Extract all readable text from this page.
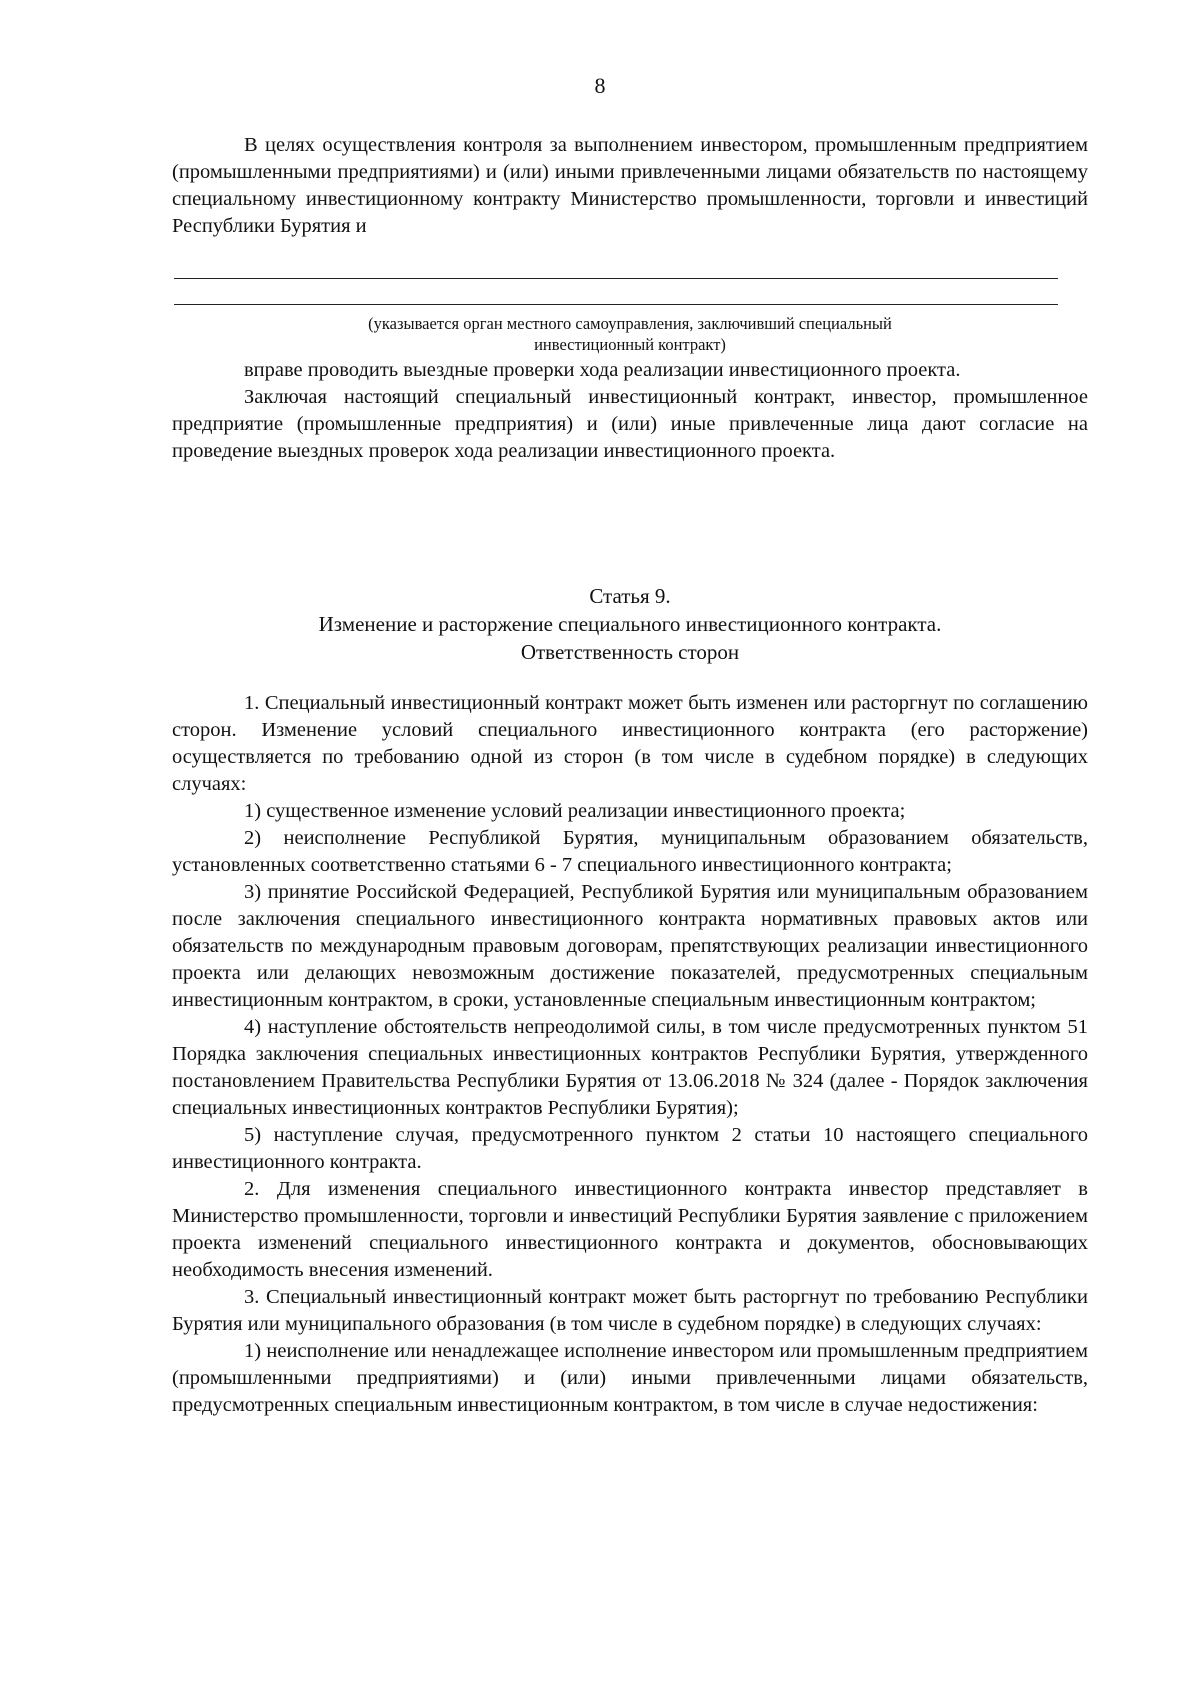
8

В целях осуществления контроля за выполнением инвестором, промышленным предприятием (промышленными предприятиями) и (или) иными привлеченными лицами обязательств по настоящему специальному инвестиционному контракту Министерство промышленности, торговли и инвестиций Республики Бурятия и

(указывается орган местного самоуправления, заключивший специальный
инвестиционный контракт)

вправе проводить выездные проверки хода реализации инвестиционного проекта.

Заключая настоящий специальный инвестиционный контракт, инвестор, промышленное предприятие (промышленные предприятия) и (или) иные привлеченные лица дают согласие на проведение выездных проверок хода реализации инвестиционного проекта.

Статья 9.
Изменение и расторжение специального инвестиционного контракта.
Ответственность сторон

1. Специальный инвестиционный контракт может быть изменен или расторгнут по соглашению сторон. Изменение условий специального инвестиционного контракта (его расторжение) осуществляется по требованию одной из сторон (в том числе в судебном порядке) в следующих случаях:

1) существенное изменение условий реализации инвестиционного проекта;

2) неисполнение Республикой Бурятия, муниципальным образованием обязательств, установленных соответственно статьями 6 - 7 специального инвестиционного контракта;

3) принятие Российской Федерацией, Республикой Бурятия или муниципальным образованием после заключения специального инвестиционного контракта нормативных правовых актов или обязательств по международным правовым договорам, препятствующих реализации инвестиционного проекта или делающих невозможным достижение показателей, предусмотренных специальным инвестиционным контрактом, в сроки, установленные специальным инвестиционным контрактом;

4) наступление обстоятельств непреодолимой силы, в том числе предусмотренных пунктом 51 Порядка заключения специальных инвестиционных контрактов Республики Бурятия, утвержденного постановлением Правительства Республики Бурятия от 13.06.2018 № 324 (далее - Порядок заключения специальных инвестиционных контрактов Республики Бурятия);

5) наступление случая, предусмотренного пунктом 2 статьи 10 настоящего специального инвестиционного контракта.

2. Для изменения специального инвестиционного контракта инвестор представляет в Министерство промышленности, торговли и инвестиций Республики Бурятия заявление с приложением проекта изменений специального инвестиционного контракта и документов, обосновывающих необходимость внесения изменений.

3. Специальный инвестиционный контракт может быть расторгнут по требованию Республики Бурятия или муниципального образования (в том числе в судебном порядке) в следующих случаях:

1) неисполнение или ненадлежащее исполнение инвестором или промышленным предприятием (промышленными предприятиями) и (или) иными привлеченными лицами обязательств, предусмотренных специальным инвестиционным контрактом, в том числе в случае недостижения:
